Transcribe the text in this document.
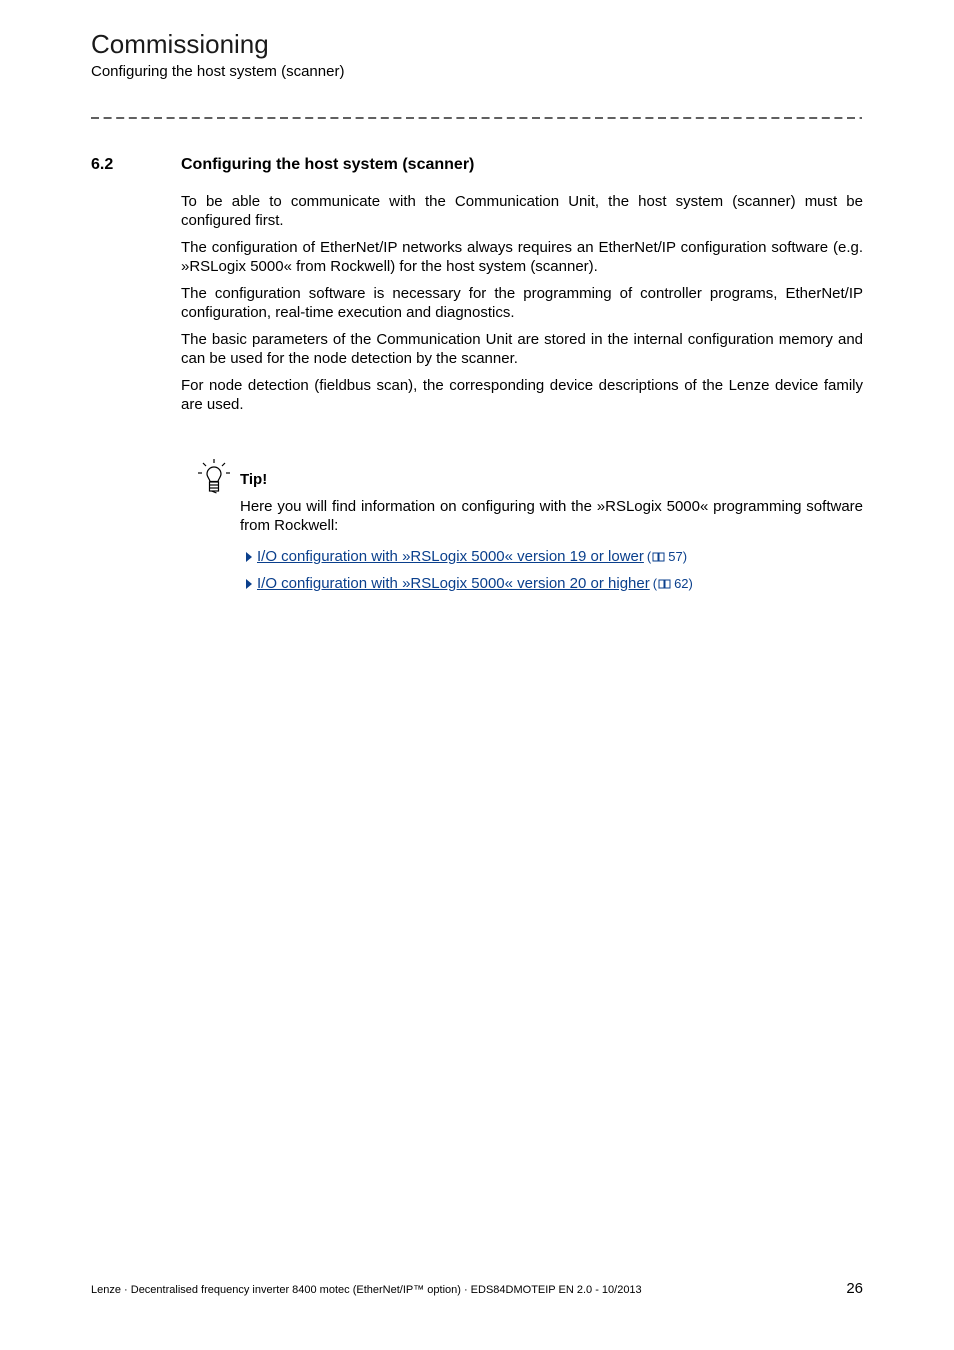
Commissioning
Configuring the host system (scanner)
6.2	Configuring the host system (scanner)

To be able to communicate with the Communication Unit, the host system (scanner) must be configured first.

The configuration of EtherNet/IP networks always requires an EtherNet/IP configuration software (e.g. »RSLogix 5000« from Rockwell) for the host system (scanner).

The configuration software is necessary for the programming of controller programs, EtherNet/IP configuration, real-time execution and diagnostics.

The basic parameters of the Communication Unit are stored in the internal configuration memory and can be used for the node detection by the scanner.

For node detection (fieldbus scan), the corresponding device descriptions of the Lenze device family are used.

Tip!

Here you will find information on configuring with the »RSLogix 5000« programming software from Rockwell:

I/O configuration with »RSLogix 5000« version 19 or lower ( 57 )
I/O configuration with »RSLogix 5000« version 20 or higher ( 62 )
Lenze · Decentralised frequency inverter 8400 motec (EtherNet/IP™ option) · EDS84DMOTEIP EN 2.0 - 10/2013	26
